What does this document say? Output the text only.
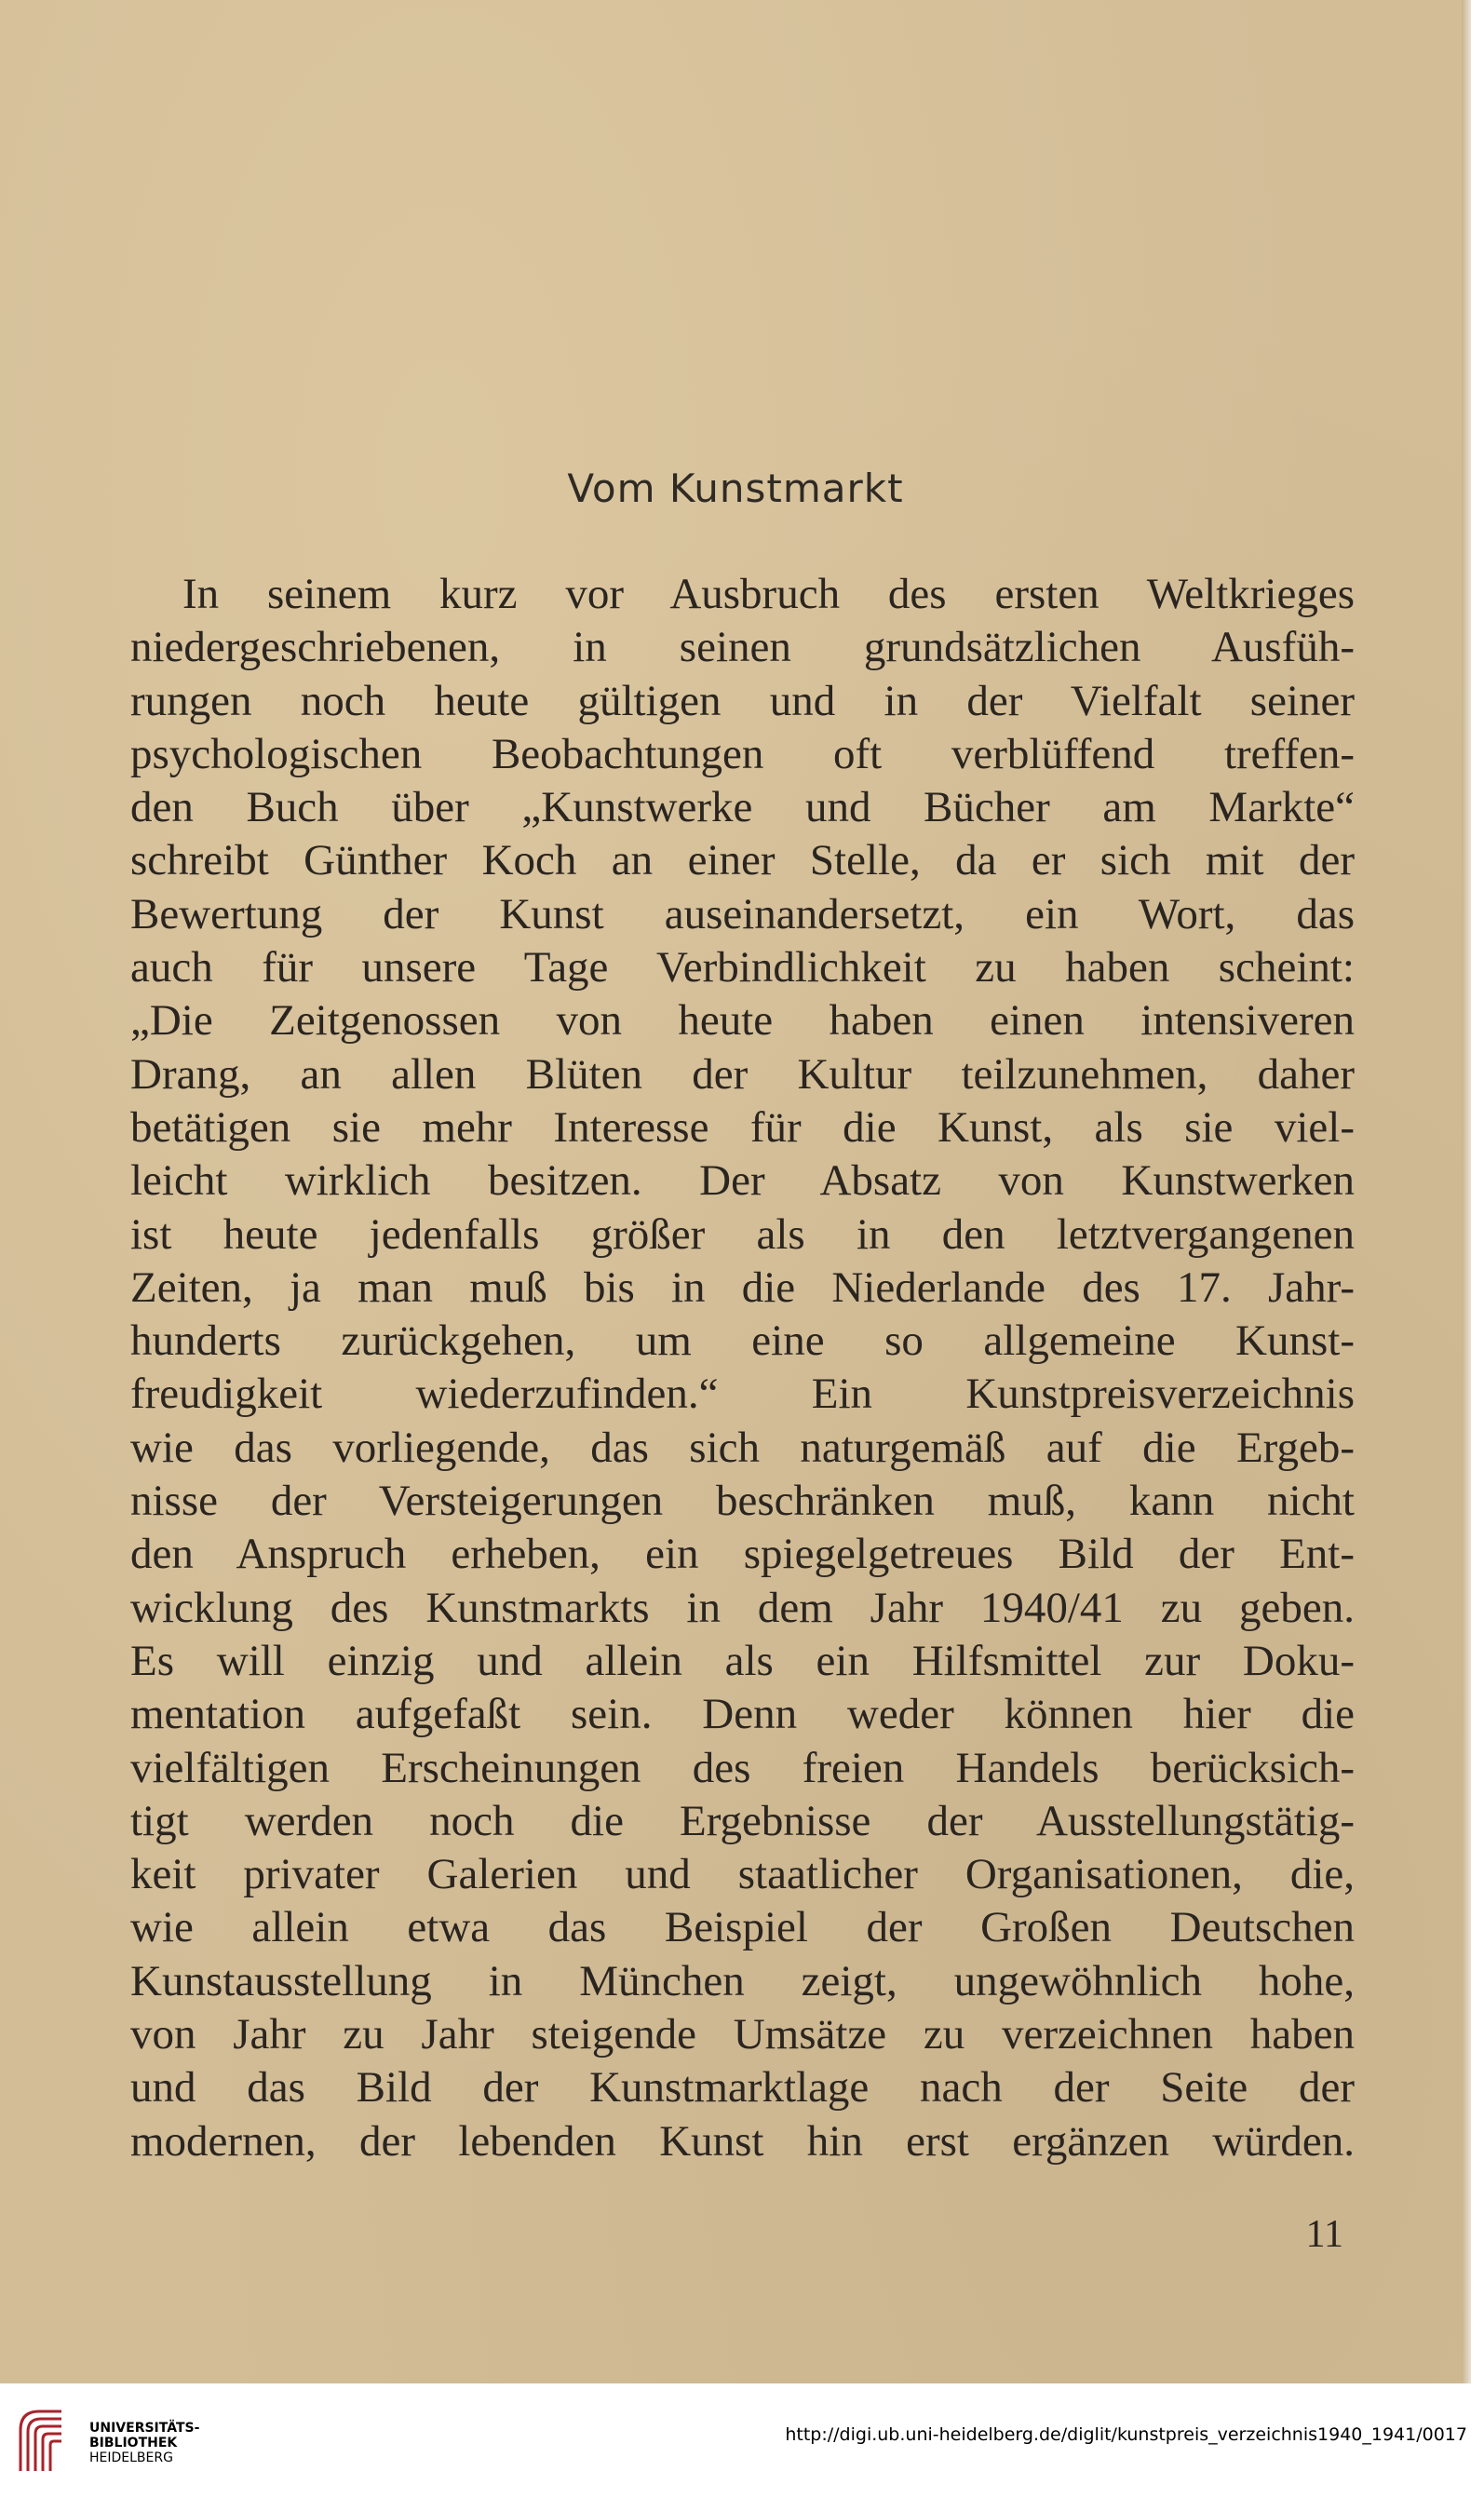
Vom Kunstmarkt
In seinem kurz vor Ausbruch des ersten Weltkrieges
niedergeschriebenen, in seinen grundsätzlichen Ausfüh-
rungen noch heute gültigen und in der Vielfalt seiner
psychologischen Beobachtungen oft verblüffend treffen-
den Buch über „Kunstwerke und Bücher am Markte“
schreibt Günther Koch an einer Stelle, da er sich mit der
Bewertung der Kunst auseinandersetzt, ein Wort, das
auch für unsere Tage Verbindlichkeit zu haben scheint:
„Die Zeitgenossen von heute haben einen intensiveren
Drang, an allen Blüten der Kultur teilzunehmen, daher
betätigen sie mehr Interesse für die Kunst, als sie viel-
leicht wirklich besitzen. Der Absatz von Kunstwerken
ist heute jedenfalls größer als in den letztvergangenen
Zeiten, ja man muß bis in die Niederlande des 17. Jahr-
hunderts zurückgehen, um eine so allgemeine Kunst-
freudigkeit wiederzufinden.“ Ein Kunstpreisverzeichnis
wie das vorliegende, das sich naturgemäß auf die Ergeb-
nisse der Versteigerungen beschränken muß, kann nicht
den Anspruch erheben, ein spiegelgetreues Bild der Ent-
wicklung des Kunstmarkts in dem Jahr 1940/41 zu geben.
Es will einzig und allein als ein Hilfsmittel zur Doku-
mentation aufgefaßt sein. Denn weder können hier die
vielfältigen Erscheinungen des freien Handels berücksich-
tigt werden noch die Ergebnisse der Ausstellungstätig-
keit privater Galerien und staatlicher Organisationen, die,
wie allein etwa das Beispiel der Großen Deutschen
Kunstausstellung in München zeigt, ungewöhnlich hohe,
von Jahr zu Jahr steigende Umsätze zu verzeichnen haben
und das Bild der Kunstmarktlage nach der Seite der
modernen, der lebenden Kunst hin erst ergänzen würden.
11
UNIVERSITÄTS-
BIBLIOTHEK
HEIDELBERG
http://digi.ub.uni-heidelberg.de/diglit/kunstpreis_verzeichnis1940_1941/0017
